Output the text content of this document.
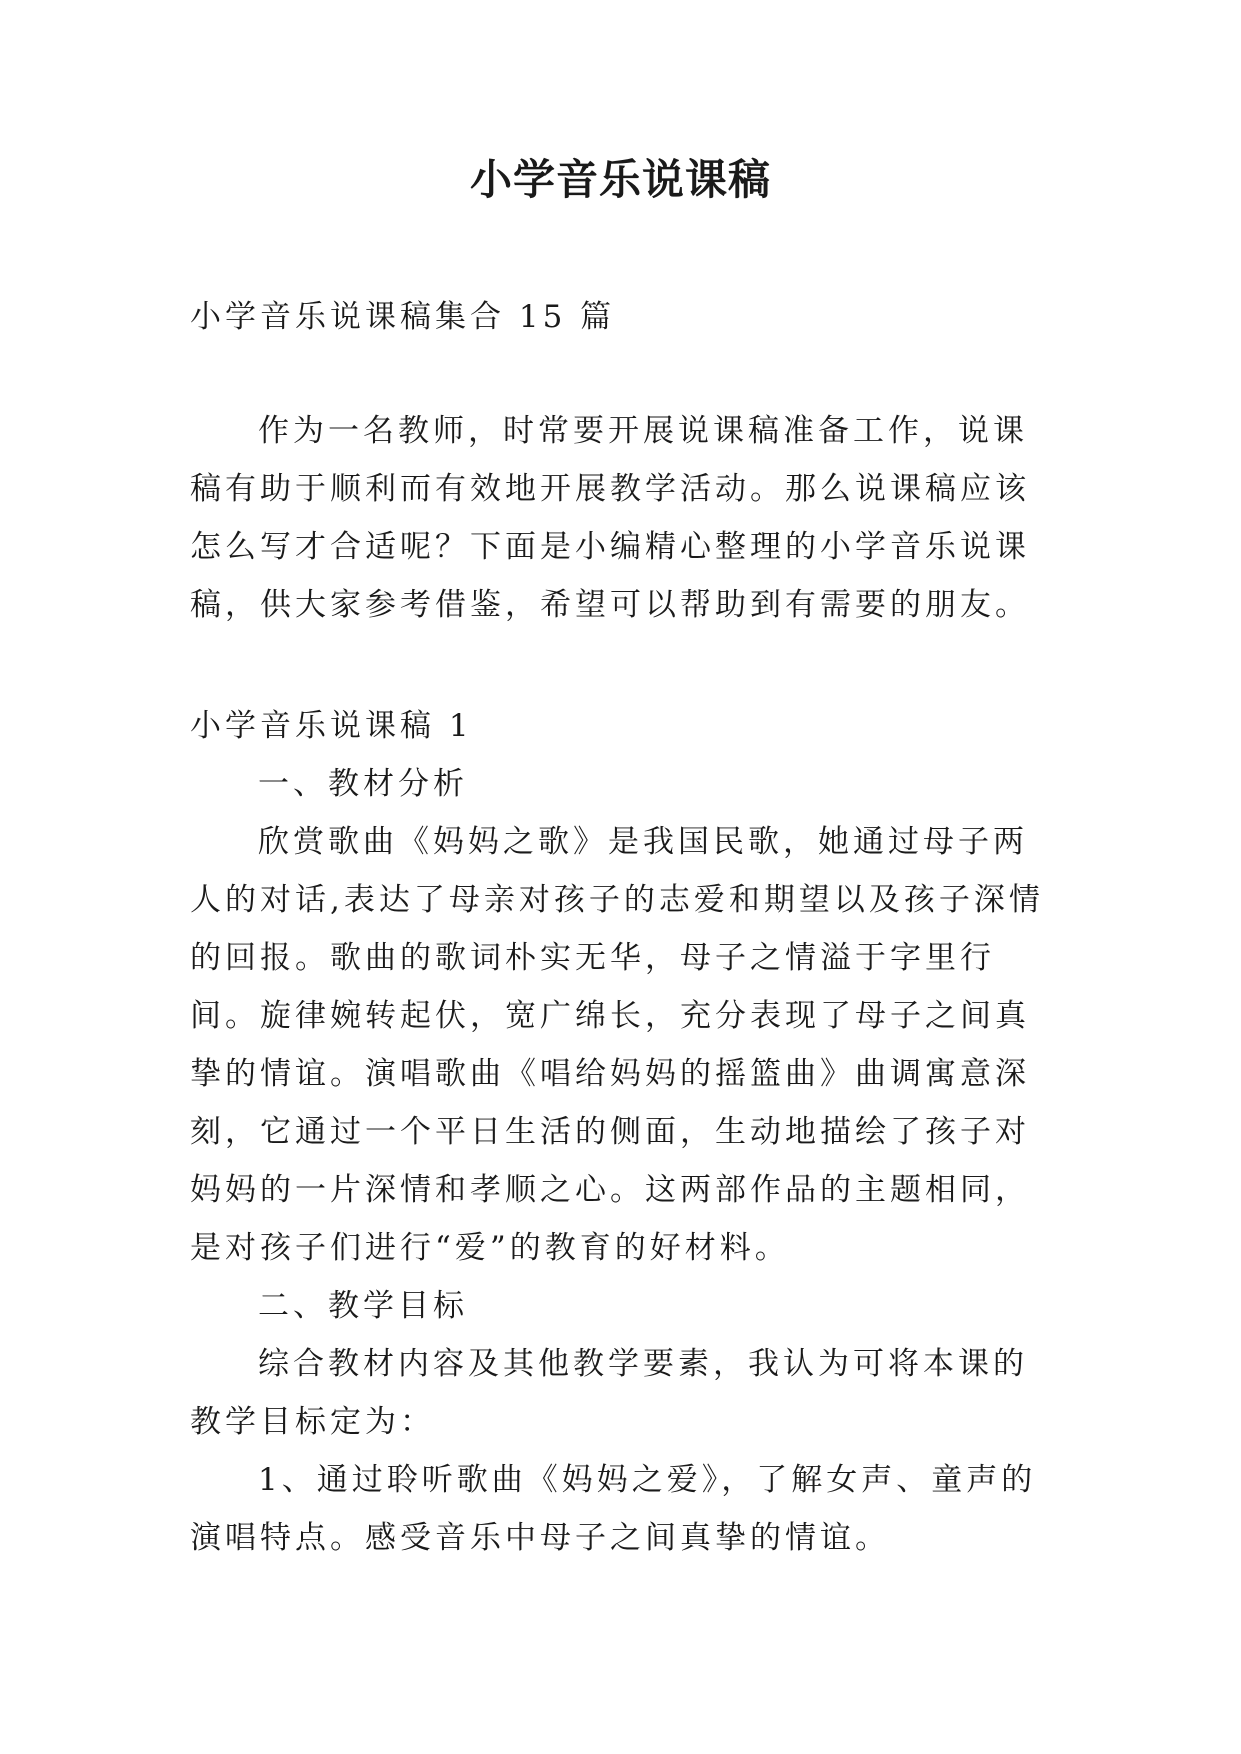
小学音乐说课稿

小学音乐说课稿集合 15 篇

作为一名教师，时常要开展说课稿准备工作，说课稿有助于顺利而有效地开展教学活动。那么说课稿应该怎么写才合适呢？下面是小编精心整理的小学音乐说课稿，供大家参考借鉴，希望可以帮助到有需要的朋友。

小学音乐说课稿 1

一、教材分析

欣赏歌曲《妈妈之歌》是我国民歌，她通过母子两人的对话,表达了母亲对孩子的志爱和期望以及孩子深情的回报。歌曲的歌词朴实无华，母子之情溢于字里行间。旋律婉转起伏，宽广绵长，充分表现了母子之间真挚的情谊。演唱歌曲《唱给妈妈的摇篮曲》曲调寓意深刻，它通过一个平日生活的侧面，生动地描绘了孩子对妈妈的一片深情和孝顺之心。这两部作品的主题相同，是对孩子们进行“爱”的教育的好材料。

二、教学目标

综合教材内容及其他教学要素，我认为可将本课的教学目标定为：

1、通过聆听歌曲《妈妈之爱》，了解女声、童声的演唱特点。感受音乐中母子之间真挚的情谊。
